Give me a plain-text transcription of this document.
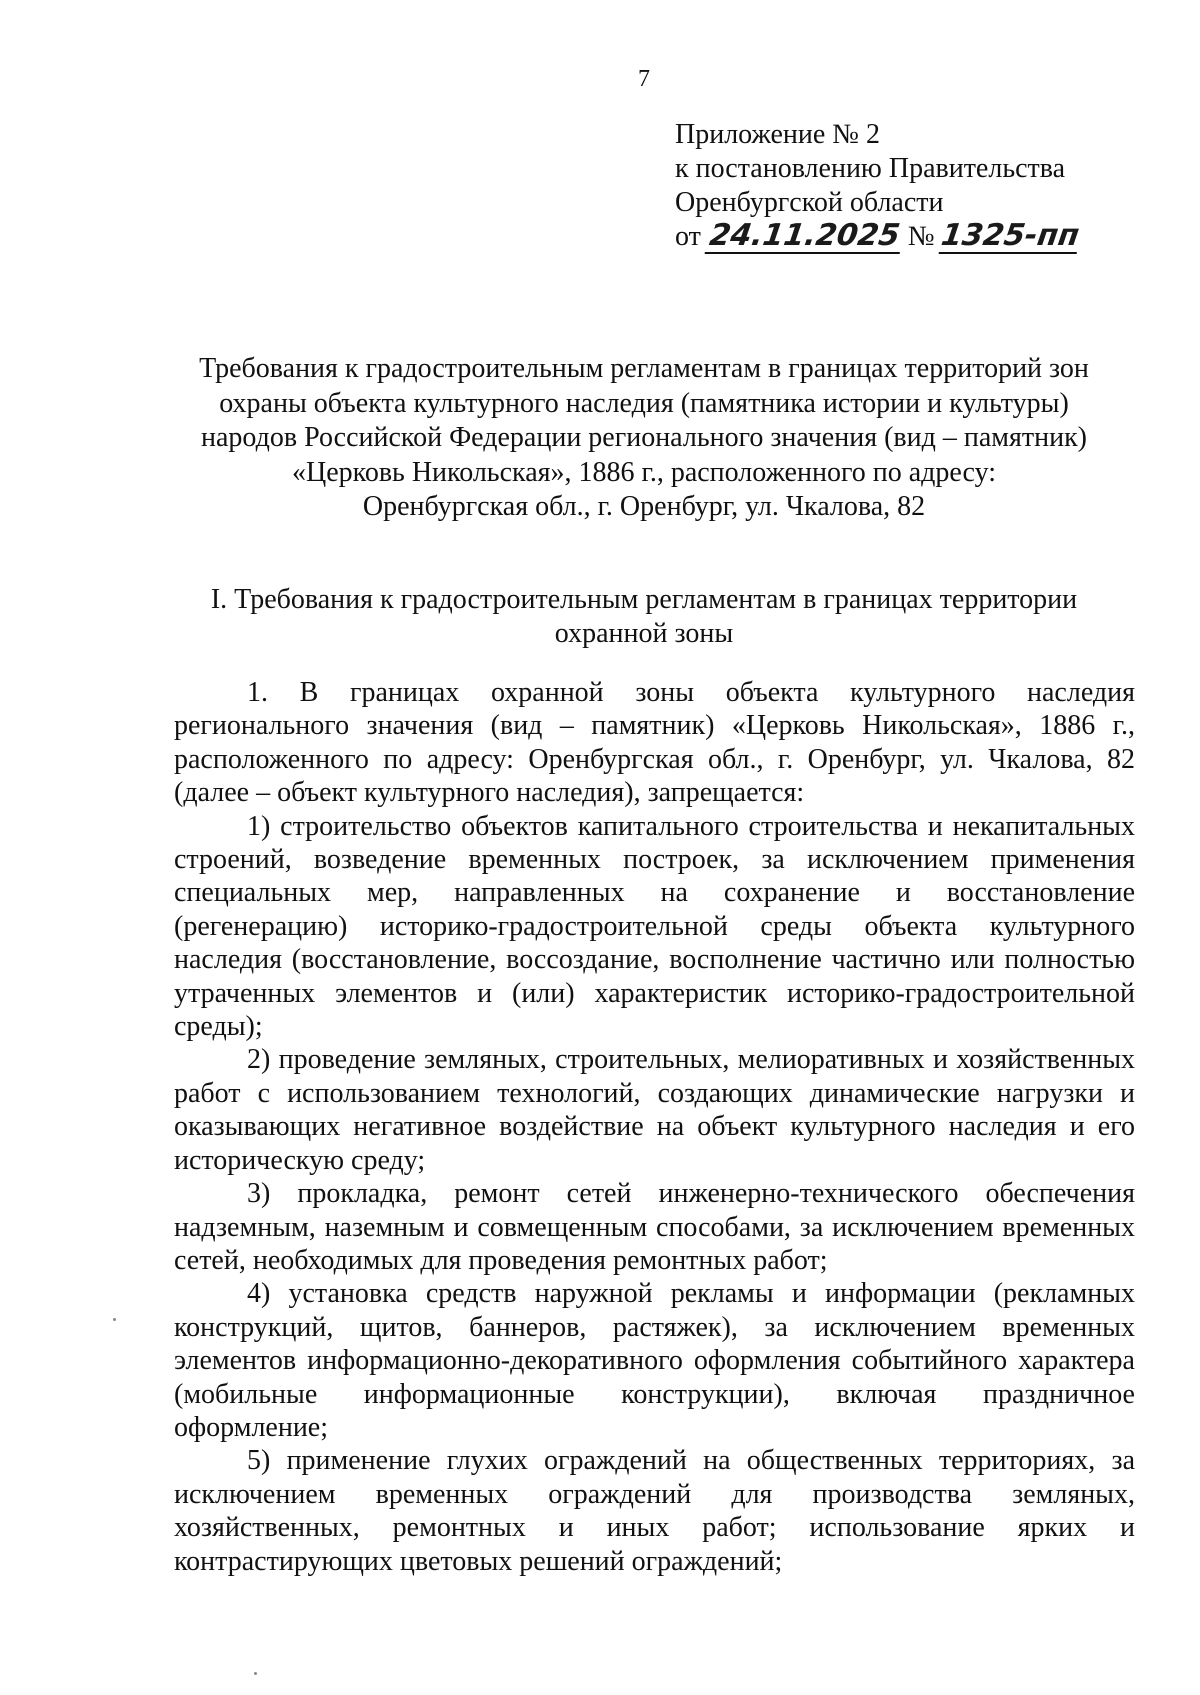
7
Приложение № 2
к постановлению Правительства
Оренбургской области
от 24.11.2025 № 1325-пп
Требования к градостроительным регламентам в границах территорий зон
охраны объекта культурного наследия (памятника истории и культуры)
народов Российской Федерации регионального значения (вид – памятник)
«Церковь Никольская», 1886 г., расположенного по адресу:
Оренбургская обл., г. Оренбург, ул. Чкалова, 82
I. Требования к градостроительным регламентам в границах территории
охранной зоны

1. В границах охранной зоны объекта культурного наследия регионального значения (вид – памятник) «Церковь Никольская», 1886 г., расположенного по адресу: Оренбургская обл., г. Оренбург, ул. Чкалова, 82 (далее – объект культурного наследия), запрещается:

1) строительство объектов капитального строительства и некапитальных строений, возведение временных построек, за исключением применения специальных мер, направленных на сохранение и восстановление (регенерацию) историко-градостроительной среды объекта культурного наследия (восстановление, воссоздание, восполнение частично или полностью утраченных элементов и (или) характеристик историко-градостроительной среды);

2) проведение земляных, строительных, мелиоративных и хозяйственных работ с использованием технологий, создающих динамические нагрузки и оказывающих негативное воздействие на объект культурного наследия и его историческую среду;

3) прокладка, ремонт сетей инженерно-технического обеспечения надземным, наземным и совмещенным способами, за исключением временных сетей, необходимых для проведения ремонтных работ;

4) установка средств наружной рекламы и информации (рекламных конструкций, щитов, баннеров, растяжек), за исключением временных элементов информационно-декоративного оформления событийного характера (мобильные информационные конструкции), включая праздничное оформление;

5) применение глухих ограждений на общественных территориях, за исключением временных ограждений для производства земляных, хозяйственных, ремонтных и иных работ; использование ярких и контрастирующих цветовых решений ограждений;
